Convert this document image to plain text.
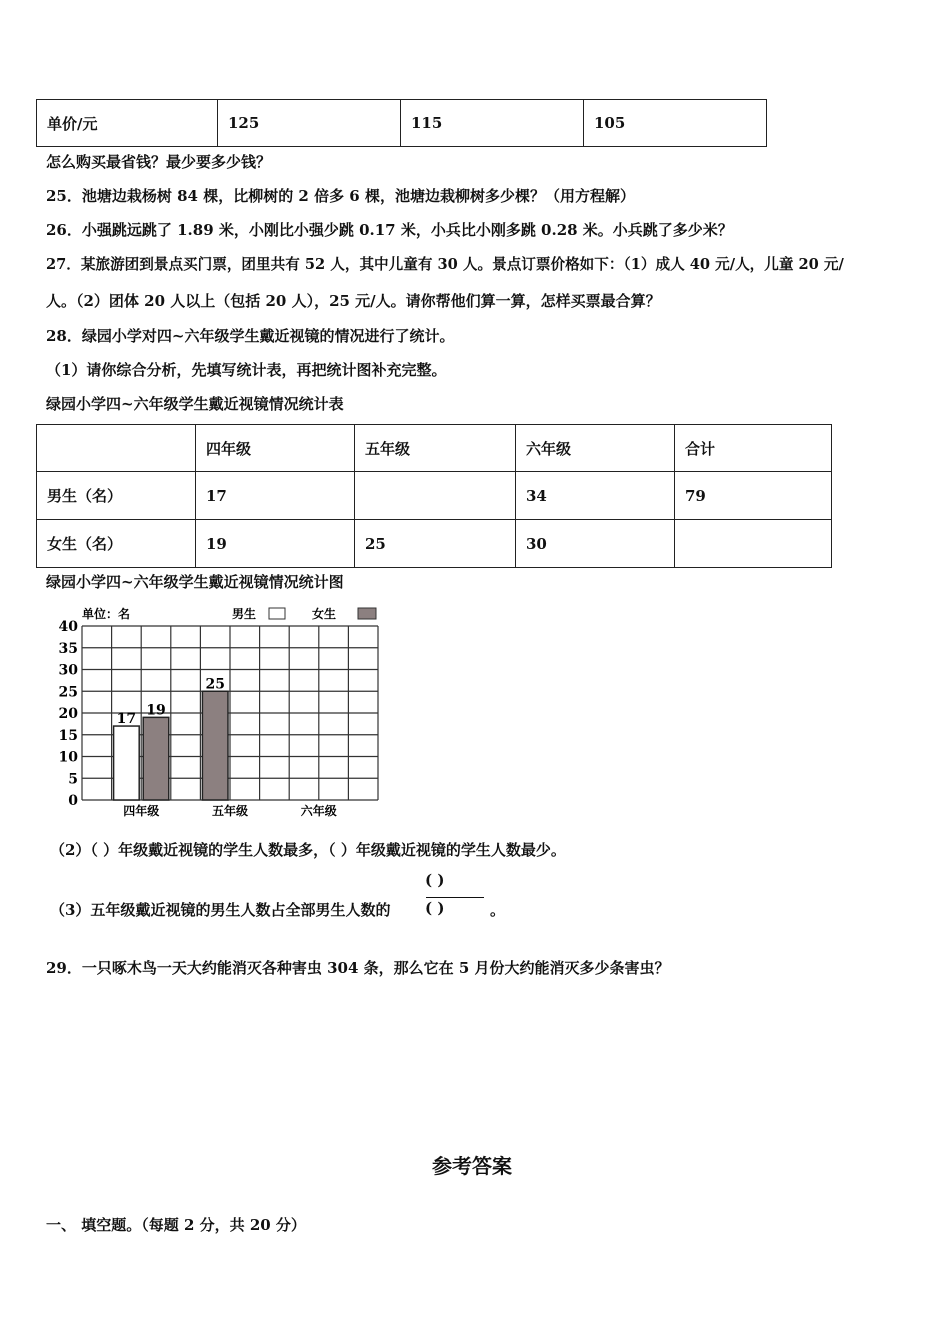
单价/元	125	115	105
怎么购买最省钱？最少要多少钱？
25．池塘边栽杨树 84 棵，比柳树的 2 倍多 6 棵，池塘边栽柳树多少棵？（用方程解）
26．小强跳远跳了 1.89 米，小刚比小强少跳 0.17 米，小兵比小刚多跳 0.28 米。小兵跳了多少米？
27．某旅游团到景点买门票，团里共有 52 人，其中儿童有 30 人。景点订票价格如下：（1）成人 40 元/人，儿童 20 元/
人。（2）团体 20 人以上（包括 20 人），25 元/人。请你帮他们算一算，怎样买票最合算？
28．绿园小学对四~六年级学生戴近视镜的情况进行了统计。
（1）请你综合分析，先填写统计表，再把统计图补充完整。
绿园小学四~六年级学生戴近视镜情况统计表
	四年级	五年级	六年级	合计
男生（名）	17		34	79
女生（名）	19	25	30	
绿园小学四~六年级学生戴近视镜情况统计图
0
5
10
15
20
25
30
35
40
单位：名	男生	女生
四年级
17
19
五年级
25
六年级
（2）（ ）年级戴近视镜的学生人数最多，（ ）年级戴近视镜的学生人数最少。
（3）五年级戴近视镜的男生人数占全部男生人数的
( )
( )	。
29．一只啄木鸟一天大约能消灭各种害虫 304 条，那么它在 5 月份大约能消灭多少条害虫？
参考答案
一、 填空题。（每题 2 分，共 20 分）
